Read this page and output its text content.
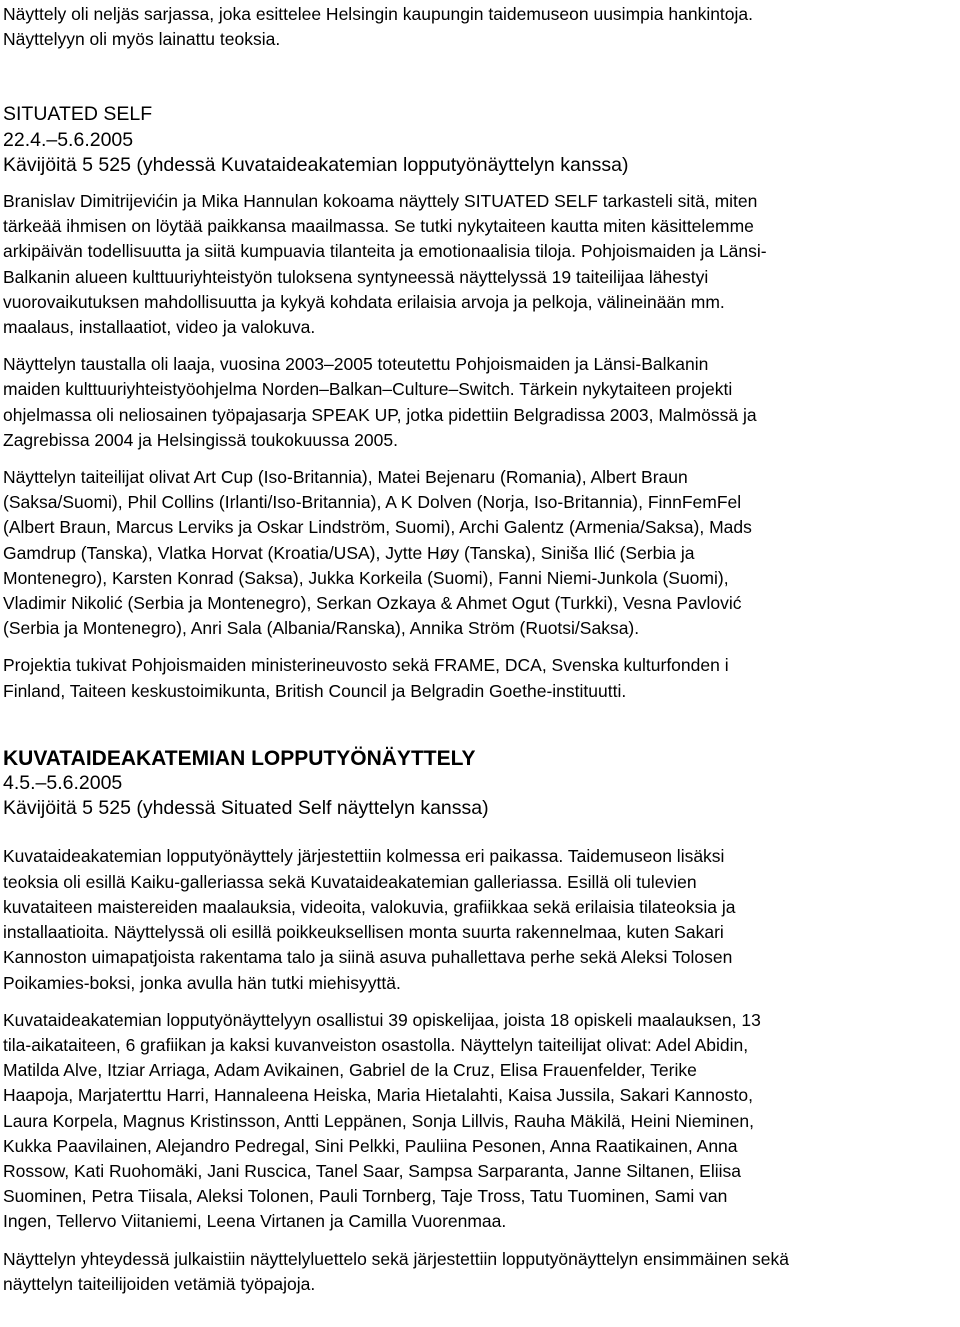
Näyttely oli neljäs sarjassa, joka esittelee Helsingin kaupungin taidemuseon uusimpia hankintoja.
Näyttelyyn oli myös lainattu teoksia.
SITUATED SELF
22.4.–5.6.2005
Kävijöitä 5 525 (yhdessä Kuvataideakatemian lopputyönäyttelyn kanssa)
Branislav Dimitrijevićin ja Mika Hannulan kokoama näyttely SITUATED SELF tarkasteli sitä, miten
tärkeää ihmisen on löytää paikkansa maailmassa. Se tutki nykytaiteen kautta miten käsittelemme
arkipäivän todellisuutta ja siitä kumpuavia tilanteita ja emotionaalisia tiloja. Pohjoismaiden ja Länsi-
Balkanin alueen kulttuuriyhteistyön tuloksena syntyneessä näyttelyssä 19 taiteilijaa lähestyi
vuorovaikutuksen mahdollisuutta ja kykyä kohdata erilaisia arvoja ja pelkoja, välineinään mm.
maalaus, installaatiot, video ja valokuva.
Näyttelyn taustalla oli laaja, vuosina 2003–2005 toteutettu Pohjoismaiden ja Länsi-Balkanin
maiden kulttuuriyhteistyöohjelma Norden–Balkan–Culture–Switch. Tärkein nykytaiteen projekti
ohjelmassa oli neliosainen työpajasarja SPEAK UP, jotka pidettiin Belgradissa 2003, Malmössä ja
Zagrebissa 2004 ja Helsingissä toukokuussa 2005.
Näyttelyn taiteilijat olivat Art Cup (Iso-Britannia), Matei Bejenaru (Romania), Albert Braun
(Saksa/Suomi), Phil Collins (Irlanti/Iso-Britannia), A K Dolven (Norja, Iso-Britannia), FinnFemFel
(Albert Braun, Marcus Lerviks ja Oskar Lindström, Suomi), Archi Galentz (Armenia/Saksa), Mads
Gamdrup (Tanska), Vlatka Horvat (Kroatia/USA), Jytte Høy (Tanska), Siniša Ilić (Serbia ja
Montenegro), Karsten Konrad (Saksa), Jukka Korkeila (Suomi), Fanni Niemi-Junkola (Suomi),
Vladimir Nikolić (Serbia ja Montenegro), Serkan Ozkaya & Ahmet Ogut (Turkki), Vesna Pavlović
(Serbia ja Montenegro), Anri Sala (Albania/Ranska), Annika Ström (Ruotsi/Saksa).
Projektia tukivat Pohjoismaiden ministerineuvosto sekä FRAME, DCA, Svenska kulturfonden i
Finland, Taiteen keskustoimikunta, British Council ja Belgradin Goethe-instituutti.
KUVATAIDEAKATEMIAN LOPPUTYÖNÄYTTELY
4.5.–5.6.2005
Kävijöitä 5 525 (yhdessä Situated Self näyttelyn kanssa)
Kuvataideakatemian lopputyönäyttely järjestettiin kolmessa eri paikassa. Taidemuseon lisäksi
teoksia oli esillä Kaiku-galleriassa sekä Kuvataideakatemian galleriassa. Esillä oli tulevien
kuvataiteen maistereiden maalauksia, videoita, valokuvia, grafiikkaa sekä erilaisia tilateoksia ja
installaatioita. Näyttelyssä oli esillä poikkeuksellisen monta suurta rakennelmaa, kuten Sakari
Kannoston uimapatjoista rakentama talo ja siinä asuva puhallettava perhe sekä Aleksi Tolosen
Poikamies-boksi, jonka avulla hän tutki miehisyyttä.
Kuvataideakatemian lopputyönäyttelyyn osallistui 39 opiskelijaa, joista 18 opiskeli maalauksen, 13
tila-aikataiteen, 6 grafiikan ja kaksi kuvanveiston osastolla. Näyttelyn taiteilijat olivat: Adel Abidin,
Matilda Alve, Itziar Arriaga, Adam Avikainen, Gabriel de la Cruz, Elisa Frauenfelder, Terike
Haapoja, Marjaterttu Harri, Hannaleena Heiska, Maria Hietalahti, Kaisa Jussila, Sakari Kannosto,
Laura Korpela, Magnus Kristinsson, Antti Leppänen, Sonja Lillvis, Rauha Mäkilä, Heini Nieminen,
Kukka Paavilainen, Alejandro Pedregal, Sini Pelkki, Pauliina Pesonen, Anna Raatikainen, Anna
Rossow, Kati Ruohomäki, Jani Ruscica, Tanel Saar, Sampsa Sarparanta, Janne Siltanen, Eliisa
Suominen, Petra Tiisala, Aleksi Tolonen, Pauli Tornberg, Taje Tross, Tatu Tuominen, Sami van
Ingen, Tellervo Viitaniemi, Leena Virtanen ja Camilla Vuorenmaa.
Näyttelyn yhteydessä julkaistiin näyttelyluettelo sekä järjestettiin lopputyönäyttelyn ensimmäinen sekä
näyttelyn taiteilijoiden vetämiä työpajoja.
